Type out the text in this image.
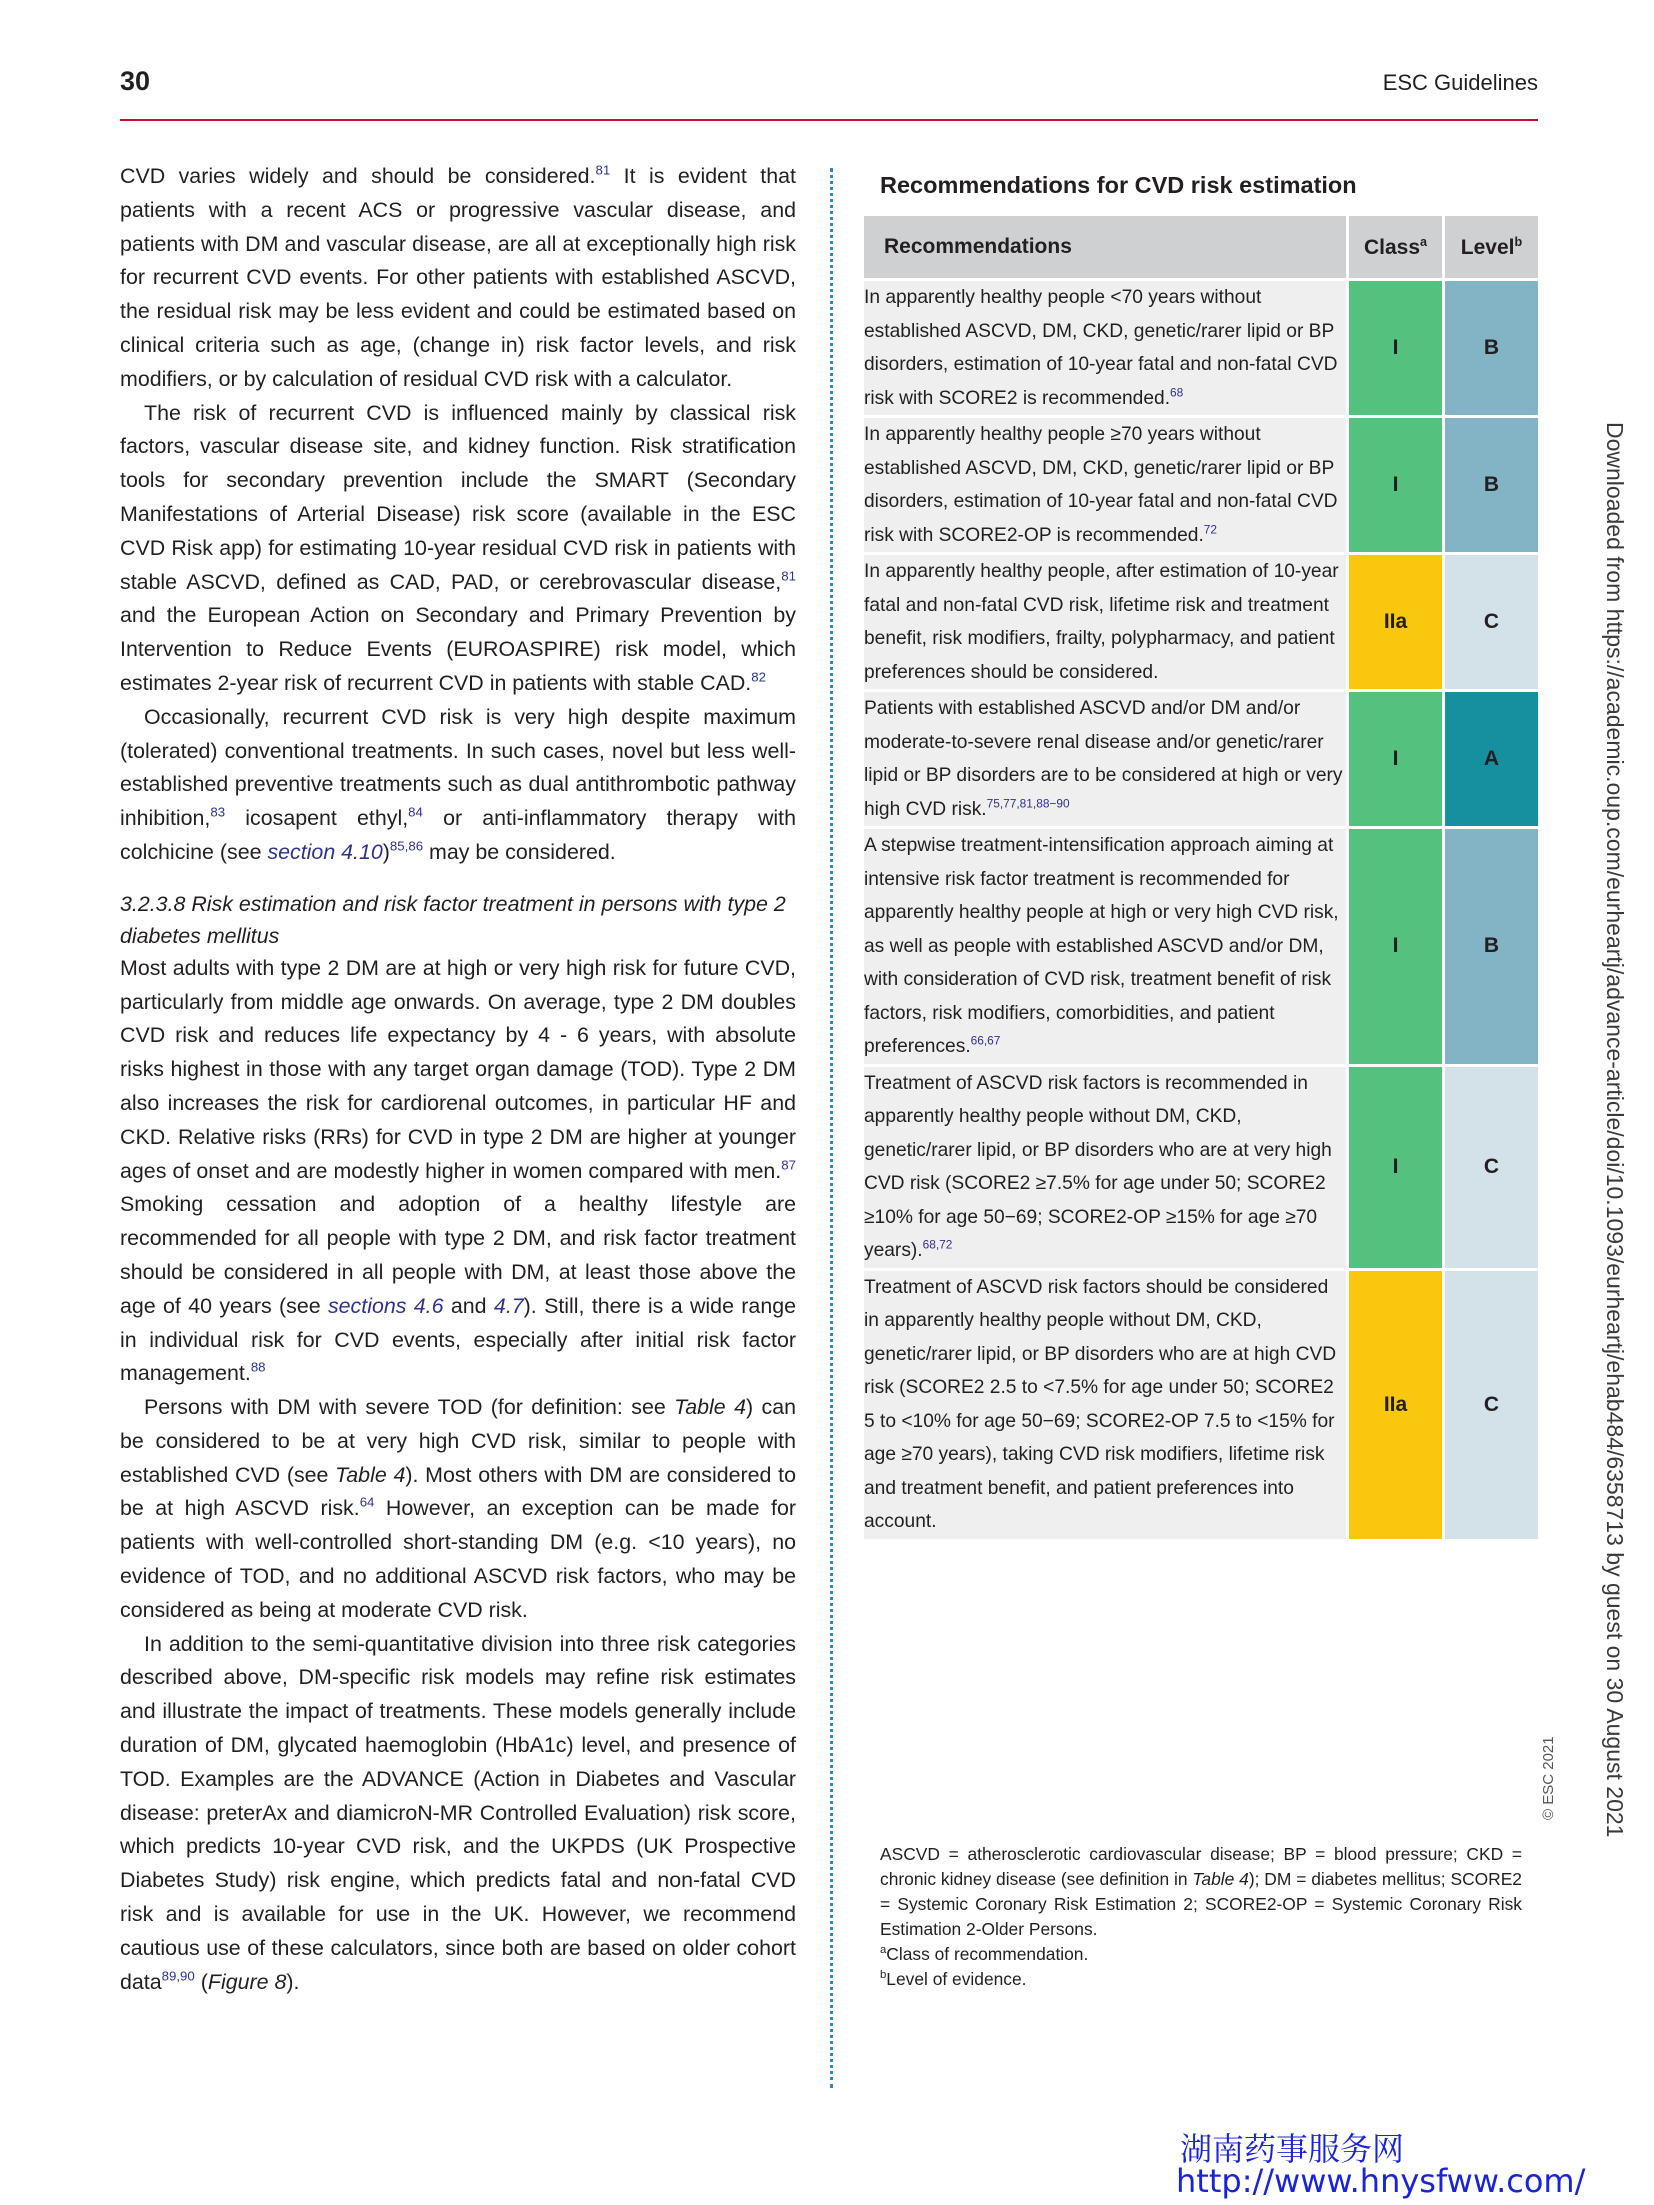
30	ESC Guidelines

CVD varies widely and should be considered.$^{81}$ It is evident that patients with a recent ACS or progressive vascular disease, and patients with DM and vascular disease, are all at exceptionally high risk for recurrent CVD events. For other patients with established ASCVD, the residual risk may be less evident and could be estimated based on clinical criteria such as age, (change in) risk factor levels, and risk modifiers, or by calculation of residual CVD risk with a calculator.

The risk of recurrent CVD is influenced mainly by classical risk factors, vascular disease site, and kidney function. Risk stratification tools for secondary prevention include the SMART (Secondary Manifestations of Arterial Disease) risk score (available in the ESC CVD Risk app) for estimating 10-year residual CVD risk in patients with stable ASCVD, defined as CAD, PAD, or cerebrovascular disease,$^{81}$ and the European Action on Secondary and Primary Prevention by Intervention to Reduce Events (EUROASPIRE) risk model, which estimates 2-year risk of recurrent CVD in patients with stable CAD.$^{82}$

Occasionally, recurrent CVD risk is very high despite maximum (tolerated) conventional treatments. In such cases, novel but less well-established preventive treatments such as dual antithrombotic pathway inhibition,$^{83}$ icosapent ethyl,$^{84}$ or anti-inflammatory therapy with colchicine (see section 4.10)$^{85,86}$ may be considered.

3.2.3.8 Risk estimation and risk factor treatment in persons with type 2 diabetes mellitus

Most adults with type 2 DM are at high or very high risk for future CVD, particularly from middle age onwards. On average, type 2 DM doubles CVD risk and reduces life expectancy by 4 - 6 years, with absolute risks highest in those with any target organ damage (TOD). Type 2 DM also increases the risk for cardiorenal outcomes, in particular HF and CKD. Relative risks (RRs) for CVD in type 2 DM are higher at younger ages of onset and are modestly higher in women compared with men.$^{87}$ Smoking cessation and adoption of a healthy lifestyle are recommended for all people with type 2 DM, and risk factor treatment should be considered in all people with DM, at least those above the age of 40 years (see sections 4.6 and 4.7). Still, there is a wide range in individual risk for CVD events, especially after initial risk factor management.$^{88}$

Persons with DM with severe TOD (for definition: see Table 4) can be considered to be at very high CVD risk, similar to people with established CVD (see Table 4). Most others with DM are considered to be at high ASCVD risk.$^{64}$ However, an exception can be made for patients with well-controlled short-standing DM (e.g. <10 years), no evidence of TOD, and no additional ASCVD risk factors, who may be considered as being at moderate CVD risk.

In addition to the semi-quantitative division into three risk categories described above, DM-specific risk models may refine risk estimates and illustrate the impact of treatments. These models generally include duration of DM, glycated haemoglobin (HbA1c) level, and presence of TOD. Examples are the ADVANCE (Action in Diabetes and Vascular disease: preterAx and diamicroN-MR Controlled Evaluation) risk score, which predicts 10-year CVD risk, and the UKPDS (UK Prospective Diabetes Study) risk engine, which predicts fatal and non-fatal CVD risk and is available for use in the UK. However, we recommend cautious use of these calculators, since both are based on older cohort data$^{89,90}$ (Figure 8).

Recommendations for CVD risk estimation
Recommendations	Class$^a$	Level$^b$
In apparently healthy people <70 years without established ASCVD, DM, CKD, genetic/rarer lipid or BP disorders, estimation of 10-year fatal and non-fatal CVD risk with SCORE2 is recommended.$^{68}$	I	B
In apparently healthy people ≥70 years without established ASCVD, DM, CKD, genetic/rarer lipid or BP disorders, estimation of 10-year fatal and non-fatal CVD risk with SCORE2-OP is recommended.$^{72}$	I	B
In apparently healthy people, after estimation of 10-year fatal and non-fatal CVD risk, lifetime risk and treatment benefit, risk modifiers, frailty, polypharmacy, and patient preferences should be considered.	IIa	C
Patients with established ASCVD and/or DM and/or moderate-to-severe renal disease and/or genetic/rarer lipid or BP disorders are to be considered at high or very high CVD risk.$^{75,77,81,88-90}$	I	A
A stepwise treatment-intensification approach aiming at intensive risk factor treatment is recommended for apparently healthy people at high or very high CVD risk, as well as people with established ASCVD and/or DM, with consideration of CVD risk, treatment benefit of risk factors, risk modifiers, comorbidities, and patient preferences.$^{66,67}$	I	B
Treatment of ASCVD risk factors is recommended in apparently healthy people without DM, CKD, genetic/rarer lipid, or BP disorders who are at very high CVD risk (SCORE2 ≥7.5% for age under 50; SCORE2 ≥10% for age 50−69; SCORE2-OP ≥15% for age ≥70 years).$^{68,72}$	I	C
Treatment of ASCVD risk factors should be considered in apparently healthy people without DM, CKD, genetic/rarer lipid, or BP disorders who are at high CVD risk (SCORE2 2.5 to <7.5% for age under 50; SCORE2 5 to <10% for age 50−69; SCORE2-OP 7.5 to <15% for age ≥70 years), taking CVD risk modifiers, lifetime risk and treatment benefit, and patient preferences into account.	IIa	C
© ESC 2021

ASCVD = atherosclerotic cardiovascular disease; BP = blood pressure; CKD = chronic kidney disease (see definition in Table 4); DM = diabetes mellitus; SCORE2 = Systemic Coronary Risk Estimation 2; SCORE2-OP = Systemic Coronary Risk Estimation 2-Older Persons.

$^a$Class of recommendation.

$^b$Level of evidence.

Downloaded from https://academic.oup.com/eurheartj/advance-article/doi/10.1093/eurheartj/ehab484/6358713 by guest on 30 August 2021
湖南药事服务网
http://www.hnysfww.com/
